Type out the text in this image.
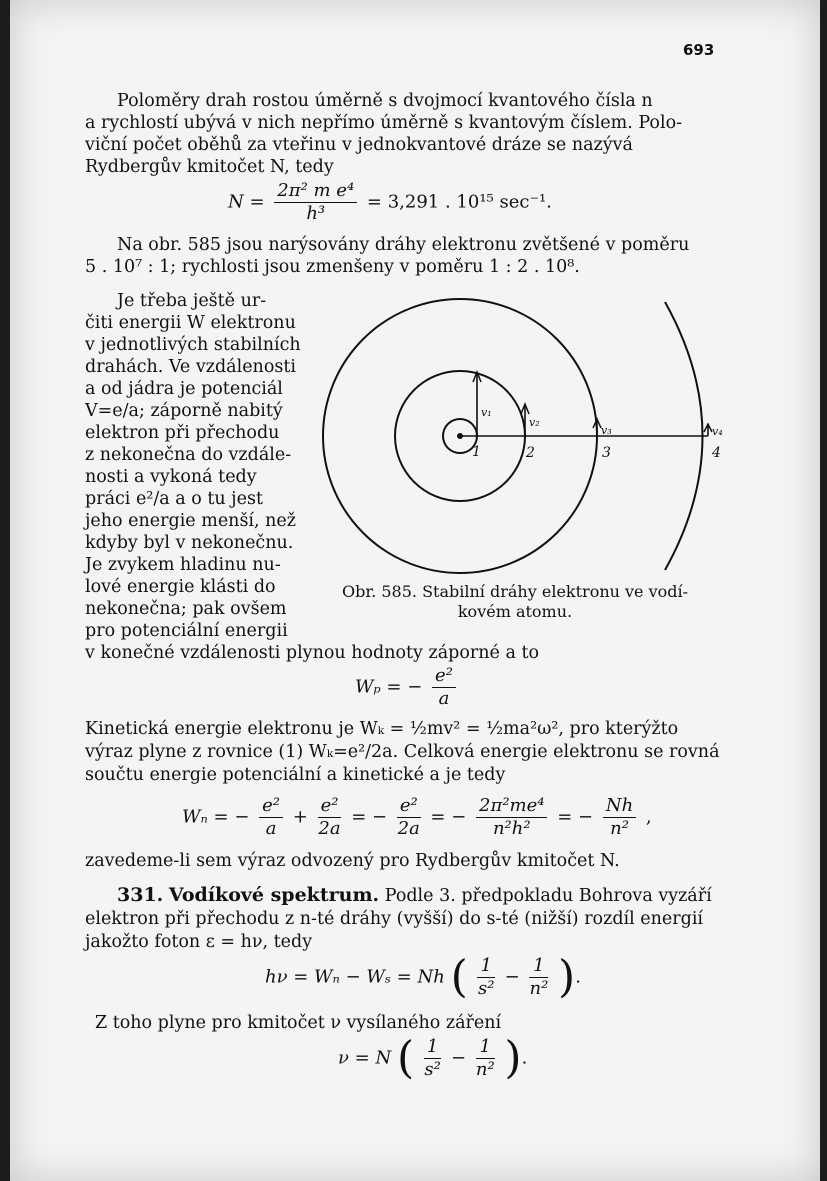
693
Poloměry drah rostou úměrně s dvojmocí kvantového čísla n
a rychlostí ubývá v nich nepřímo úměrně s kvantovým číslem. Polo-
viční počet oběhů za vteřinu v jednokvantové dráze se nazývá
Rydbergův kmitočet N, tedy
$N = \frac{\text{2π² m e⁴}}{\text{h³}} = 3,291$ . 10¹⁵ sec⁻¹.
Na obr. 585 jsou narýsovány dráhy elektronu zvětšené v poměru
5 . 10⁷ : 1; rychlosti jsou zmenšeny v poměru 1 : 2 . 10⁸.
Je třeba ještě ur-
čiti energii W elektronu
v jednotlivých stabilních
drahách. Ve vzdálenosti
a od jádra je potenciál
V=e/a; záporně nabitý
elektron při přechodu
z nekonečna do vzdále-
nosti a vykoná tedy
práci e²/a a o tu jest
jeho energie menší, než
kdyby byl v nekonečnu.
Je zvykem hladinu nu-
lové energie klásti do
nekonečna; pak ovšem
pro potenciální energii
v₁
v₂
v₃	v₄
1	2	3	4
Obr. 585. Stabilní dráhy elektronu ve vodí-
kovém atomu.
v konečné vzdálenosti plynou hodnoty záporné a to
Wₚ = − $\frac{\text{e²}}{a}$
Kinetická energie elektronu je Wₖ = ½mv² = ½ma²ω², pro kterýžto
výraz plyne z rovnice (1) Wₖ=e²/2a. Celková energie elektronu se rovná
součtu energie potenciální a kinetické a je tedy
Wₙ = − $\frac{\text{e²}}{a} + \frac{\text{e²}}{2a}$ = − $\frac{\text{e²}}{2a}$ = − $\frac{\text{2π²me⁴}}{\text{n²h²}}$ = − $\frac{Nh}{\text{n²}}$ ,
zavedeme-li sem výraz odvozený pro Rydbergův kmitočet N.
331. Vodíkové spektrum. Podle 3. předpokladu Bohrova vyzáří
elektron při přechodu z n-té dráhy (vyšší) do s-té (nižší) rozdíl energií
jakožto foton ε = hν, tedy
hν = Wₙ − Wₛ = Nh ( $\frac{1}{\text{s²}} - \frac{1}{\text{n²}}$ ).
Z toho plyne pro kmitočet ν vysílaného záření
ν = N ( $\frac{1}{\text{s²}} - \frac{1}{\text{n²}}$ ).
